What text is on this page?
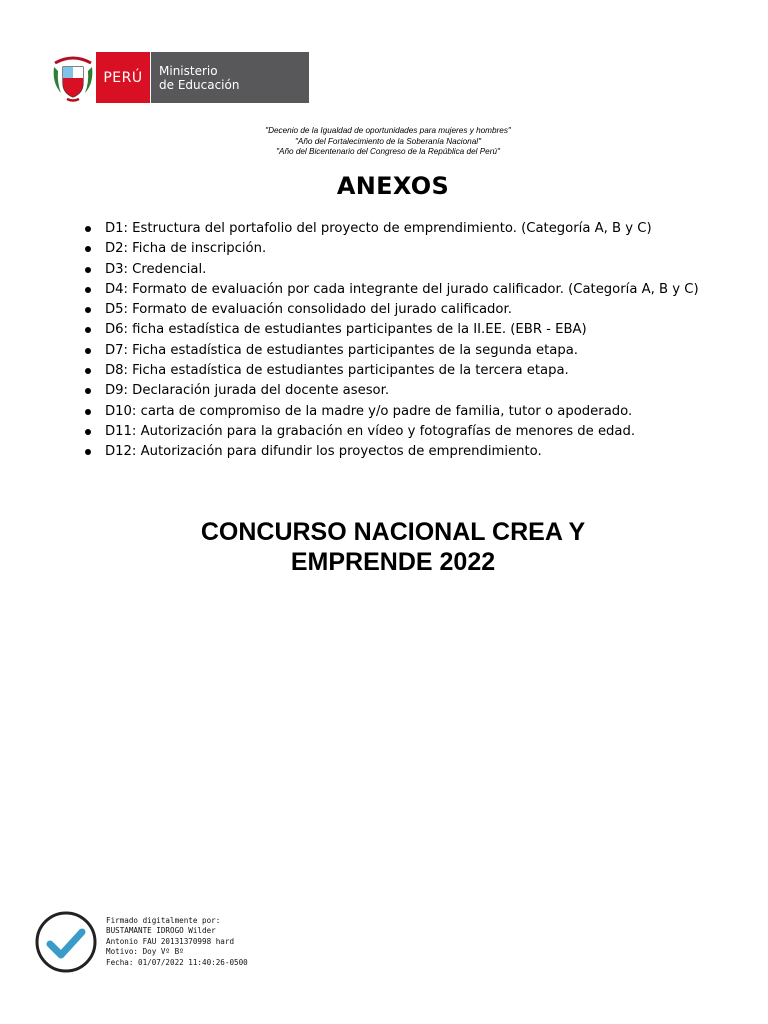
PERÚ	Ministerio
de Educación
"Decenio de la Igualdad de oportunidades para mujeres y hombres"
"Año del Fortalecimiento de la Soberanía Nacional"
"Año del Bicentenario del Congreso de la República del Perú"
ANEXOS
D1: Estructura del portafolio del proyecto de emprendimiento. (Categoría A, B y C)
D2: Ficha de inscripción.
D3: Credencial.
D4: Formato de evaluación por cada integrante del jurado calificador. (Categoría A, B y C)
D5: Formato de evaluación consolidado del jurado calificador.
D6: ficha estadística de estudiantes participantes de la II.EE. (EBR - EBA)
D7: Ficha estadística de estudiantes participantes de la segunda etapa.
D8: Ficha estadística de estudiantes participantes de la tercera etapa.
D9: Declaración jurada del docente asesor.
D10: carta de compromiso de la madre y/o padre de familia, tutor o apoderado.
D11: Autorización para la grabación en vídeo y fotografías de menores de edad.
D12: Autorización para difundir los proyectos de emprendimiento.
CONCURSO NACIONAL CREA Y
EMPRENDE 2022
Firmado digitalmente por:
BUSTAMANTE IDROGO Wilder
Antonio FAU 20131370998 hard
Motivo: Doy Vº Bº
Fecha: 01/07/2022 11:40:26-0500
